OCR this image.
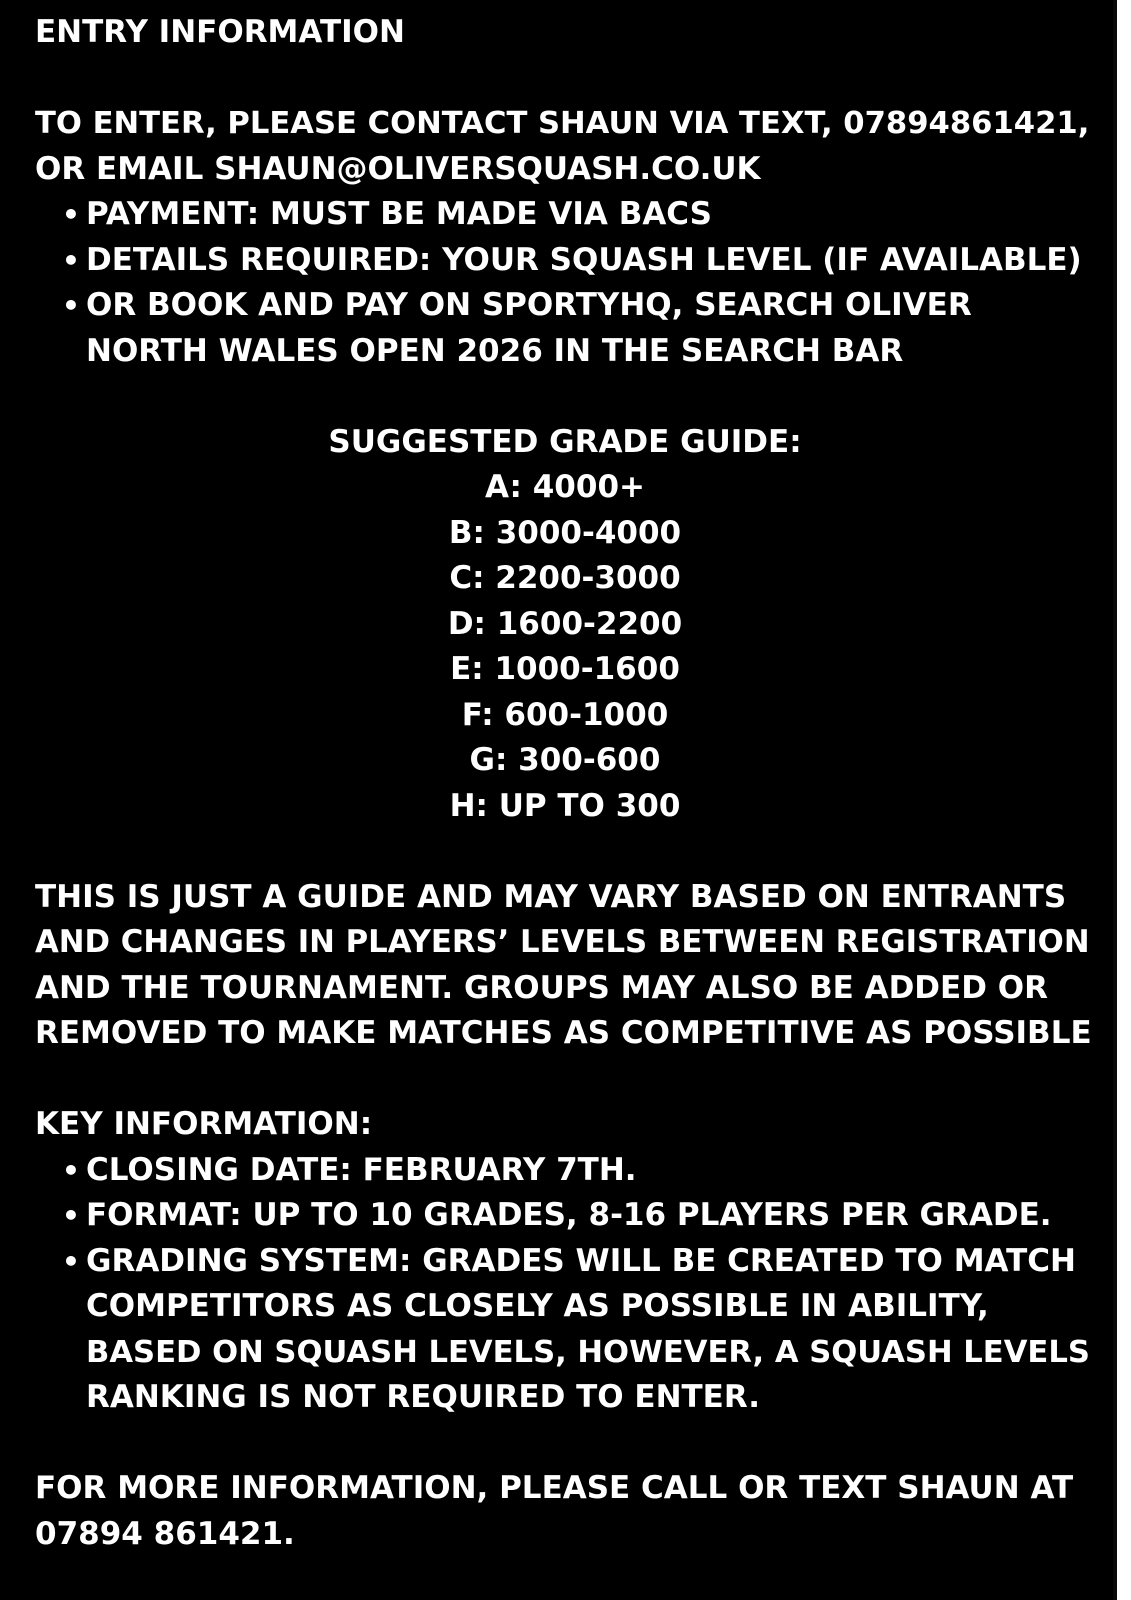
ENTRY INFORMATION
TO ENTER, PLEASE CONTACT SHAUN VIA TEXT, 07894861421,
OR EMAIL SHAUN@OLIVERSQUASH.CO.UK
• PAYMENT: MUST BE MADE VIA BACS
• DETAILS REQUIRED: YOUR SQUASH LEVEL (IF AVAILABLE)
• OR BOOK AND PAY ON SPORTYHQ, SEARCH OLIVER
NORTH WALES OPEN 2026 IN THE SEARCH BAR
SUGGESTED GRADE GUIDE:
A: 4000+
B: 3000-4000
C: 2200-3000
D: 1600-2200
E: 1000-1600
F: 600-1000
G: 300-600
H: UP TO 300
THIS IS JUST A GUIDE AND MAY VARY BASED ON ENTRANTS
AND CHANGES IN PLAYERS’ LEVELS BETWEEN REGISTRATION
AND THE TOURNAMENT. GROUPS MAY ALSO BE ADDED OR
REMOVED TO MAKE MATCHES AS COMPETITIVE AS POSSIBLE
KEY INFORMATION:
• CLOSING DATE: FEBRUARY 7TH.
• FORMAT: UP TO 10 GRADES, 8-16 PLAYERS PER GRADE.
• GRADING SYSTEM: GRADES WILL BE CREATED TO MATCH
COMPETITORS AS CLOSELY AS POSSIBLE IN ABILITY,
BASED ON SQUASH LEVELS, HOWEVER, A SQUASH LEVELS
RANKING IS NOT REQUIRED TO ENTER.
FOR MORE INFORMATION, PLEASE CALL OR TEXT SHAUN AT
07894 861421.
